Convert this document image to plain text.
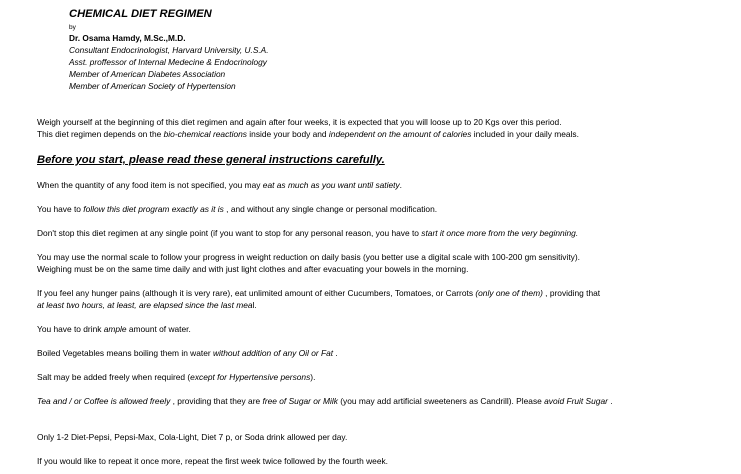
CHEMICAL DIET REGIMEN
by
Dr. Osama Hamdy, M.Sc.,M.D.
Consultant Endocrinologist, Harvard University, U.S.A.
Asst. proffessor of Internal Medecine & Endocrinology
Member of American Diabetes Association
Member of American Society of Hypertension
Weigh yourself at the beginning of this diet regimen and again after four weeks, it is expected that you will loose up to 20 Kgs over this period.
This diet regimen depends on the bio-chemical reactions inside your body and independent on the amount of calories included in your daily meals.
Before you start, please read these general instructions carefully.
When the quantity of any food item is not specified, you may eat as much as you want until satiety.
You have to follow this diet program exactly as it is , and without any single change or personal modification.
Don't stop this diet regimen at any single point (if you want to stop for any personal reason, you have to start it once more from the very beginning.
You may use the normal scale to follow your progress in weight reduction on daily basis (you better use a digital scale with 100-200 gm sensitivity).
Weighing must be on the same time daily and with just light clothes and after evacuating your bowels in the morning.
If you feel any hunger pains (although it is very rare), eat unlimited amount of either Cucumbers, Tomatoes, or Carrots (only one of them) , providing that
at least two hours, at least, are elapsed since the last meal.
You have to drink ample amount of water.
Boiled Vegetables means boiling them in water without addition of any Oil or Fat .
Salt may be added freely when required (except for Hypertensive persons).
Tea and / or Coffee is allowed freely , providing that they are free of Sugar or Milk (you may add artificial sweeteners as Candrill). Please avoid Fruit Sugar .
Only 1-2 Diet-Pepsi, Pepsi-Max, Cola-Light, Diet 7 p, or Soda drink allowed per day.
If you would like to repeat it once more, repeat the first week twice followed by the fourth week.
